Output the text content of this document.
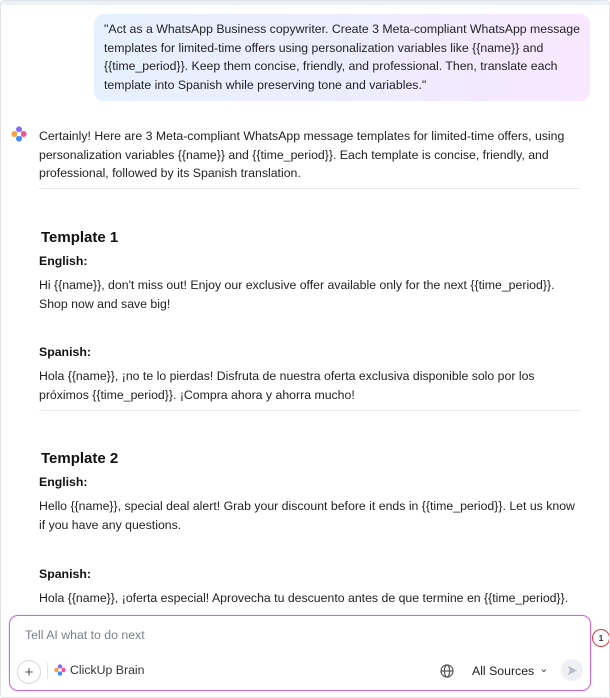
"Act as a WhatsApp Business copywriter. Create 3 Meta-compliant WhatsApp message templates for limited-time offers using personalization variables like {{name}} and {{time_period}}. Keep them concise, friendly, and professional. Then, translate each template into Spanish while preserving tone and variables."
Certainly! Here are 3 Meta-compliant WhatsApp message templates for limited-time offers, using personalization variables {{name}} and {{time_period}}. Each template is concise, friendly, and professional, followed by its Spanish translation.
Template 1
English:
Hi {{name}}, don't miss out! Enjoy our exclusive offer available only for the next {{time_period}}. Shop now and save big!
Spanish:
Hola {{name}}, ¡no te lo pierdas! Disfruta de nuestra oferta exclusiva disponible solo por los próximos {{time_period}}. ¡Compra ahora y ahorra mucho!
Template 2
English:
Hello {{name}}, special deal alert! Grab your discount before it ends in {{time_period}}. Let us know if you have any questions.
Spanish:
Hola {{name}}, ¡oferta especial! Aprovecha tu descuento antes de que termine en {{time_period}}.
Tell AI what to do next
+	ClickUp Brain	All Sources ⌄
1
